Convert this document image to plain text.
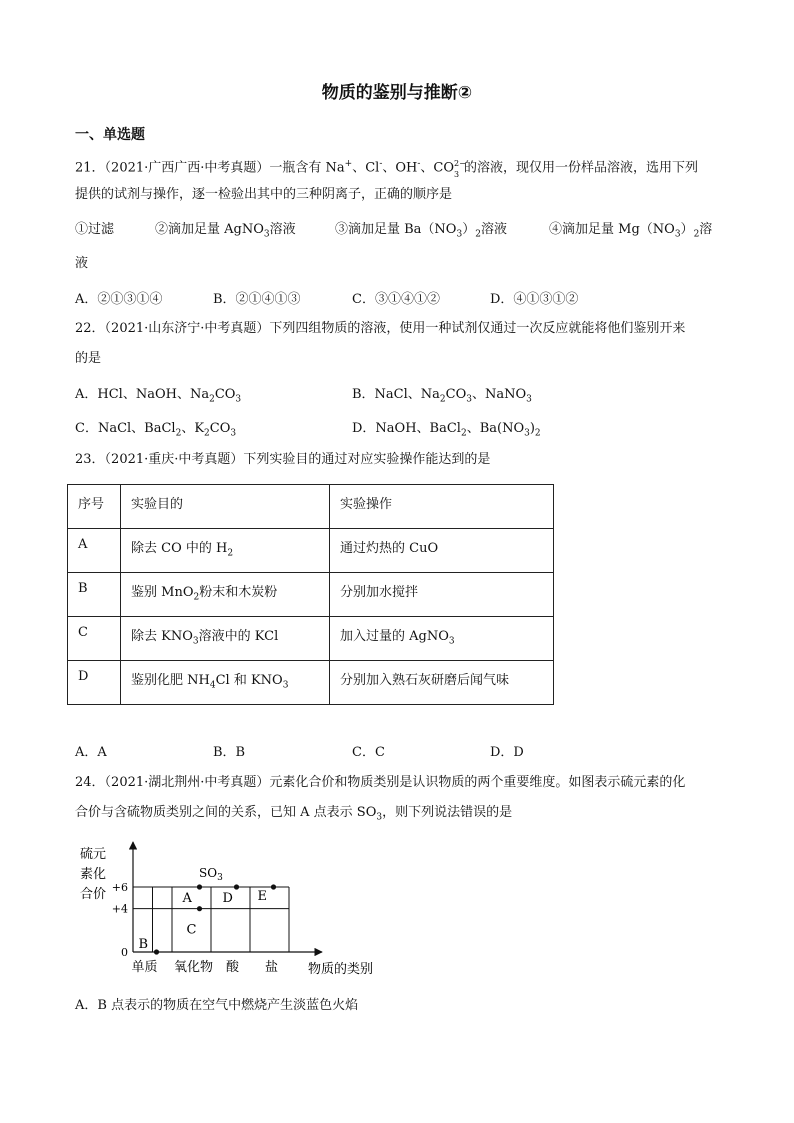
物质的鉴别与推断②
一、单选题
21．（2021·广西广西·中考真题）一瓶含有 Na+、Cl-、OH-、CO 2−
3 的溶液，现仅用一份样品溶液，选用下列
提供的试剂与操作，逐一检验出其中的三种阴离子，正确的顺序是
①过滤	②滴加足量 AgNO$_3$溶液	③滴加足量 $Ba(NO_3)_2$溶液	④滴加足量 $Mg(NO_3)_2$溶
液
A．②①③①④	B．②①④①③	C．③①④①②	D．④①③①②
22．（2021·山东济宁·中考真题）下列四组物质的溶液，使用一种试剂仅通过一次反应就能将他们鉴别开来
的是
A．HCl、NaOH、$Na_2CO_3$	B．NaCl、$Na_2CO_3$、NaNO$_3$
C．NaCl、BaCl$_2$、$K_2CO_3$	D．NaOH、BaCl$_2$、$Ba(NO_3)_2$
23．（2021·重庆·中考真题）下列实验目的通过对应实验操作能达到的是
序号	实验目的	实验操作
A	除去 CO 中的 $H_2$	通过灼热的 CuO
B	鉴别 MnO$_2$粉末和木炭粉	分别加水搅拌
C	除去 $KNO_3$溶液中的 KCl	加入过量的 AgNO$_3$
D	鉴别化肥 $NH_4Cl$ 和 $KNO_3$	分别加入熟石灰研磨后闻气味
A．A	B．B	C．C	D．D
24．（2021·湖北荆州·中考真题）元素化合价和物质类别是认识物质的两个重要维度。如图表示硫元素的化
合价与含硫物质类别之间的关系，已知 A 点表示 $SO_3$，则下列说法错误的是
硫元
素化
合价
0
+4
+6
单质 氧化物 酸 盐
A
B
C
D E
物质的类别
$SO_3$
A．B 点表示的物质在空气中燃烧产生淡蓝色火焰
